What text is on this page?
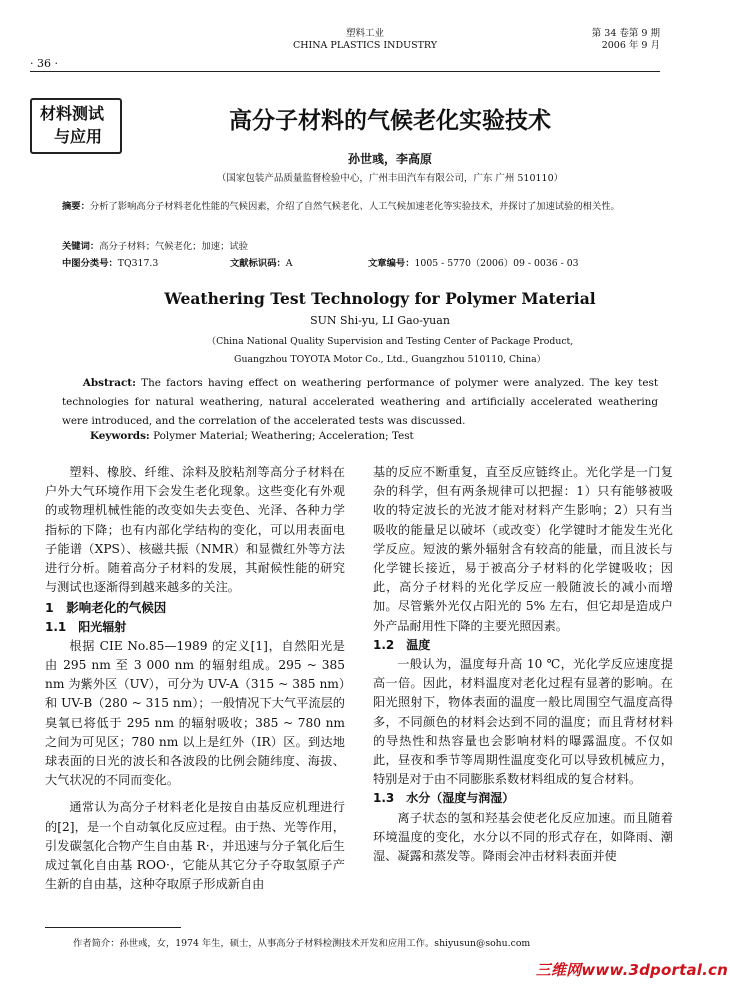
塑料工业
CHINA PLASTICS INDUSTRY
第 34 卷第 9 期
2006 年 9 月
· 36 ·
材料测试
与应用
高分子材料的气候老化实验技术
孙世彧，李高原
（国家包装产品质量监督检验中心，广州丰田汽车有限公司，广东 广州 510110）
摘要：分析了影响高分子材料老化性能的气候因素，介绍了自然气候老化、人工气候加速老化等实验技术，并探讨了加速试验的相关性。
关键词：高分子材料；气候老化；加速；试验
中图分类号：TQ317.3	文献标识码：A	文章编号：1005 - 5770（2006）09 - 0036 - 03
Weathering Test Technology for Polymer Material
SUN Shi-yu, LI Gao-yuan
（China National Quality Supervision and Testing Center of Package Product,
Guangzhou TOYOTA Motor Co., Ltd., Guangzhou 510110, China）
  Abstract: The factors having effect on weathering performance of polymer were analyzed. The key test technologies for natural weathering, natural accelerated weathering and artificially accelerated weathering were introduced, and the correlation of the accelerated tests was discussed.
Keywords: Polymer Material; Weathering; Acceleration; Test

塑料、橡胶、纤维、涂料及胶粘剂等高分子材料在户外大气环境作用下会发生老化现象。这些变化有外观的或物理机械性能的改变如失去变色、光泽、各种力学指标的下降；也有内部化学结构的变化，可以用表面电子能谱（XPS）、核磁共振（NMR）和显微红外等方法进行分析。随着高分子材料的发展，其耐候性能的研究与测试也逐渐得到越来越多的关注。

1　影响老化的气候因

1.1　阳光辐射

根据 CIE No.85—1989 的定义[1]，自然阳光是由 295 nm 至 3 000 nm 的辐射组成。295 ~ 385 nm 为紫外区（UV），可分为 UV-A（315 ~ 385 nm）和 UV-B（280 ~ 315 nm）；一般情况下大气平流层的臭氧已将低于 295 nm 的辐射吸收；385 ~ 780 nm 之间为可见区；780 nm 以上是红外（IR）区。到达地球表面的日光的波长和各波段的比例会随纬度、海拔、大气状况的不同而变化。

通常认为高分子材料老化是按自由基反应机理进行的[2]，是一个自动氧化反应过程。由于热、光等作用，引发碳氢化合物产生自由基 R·，并迅速与分子氧化后生成过氧化自由基 ROO·，它能从其它分子夺取氢原子产生新的自由基，这种夺取原子形成新自由

基的反应不断重复，直至反应链终止。光化学是一门复杂的科学，但有两条规律可以把握：1）只有能够被吸收的特定波长的光波才能对材料产生影响；2）只有当吸收的能量足以破坏（或改变）化学键时才能发生光化学反应。短波的紫外辐射含有较高的能量，而且波长与化学键长接近，易于被高分子材料的化学键吸收；因此，高分子材料的光化学反应一般随波长的减小而增加。尽管紫外光仅占阳光的 5% 左右，但它却是造成户外产品耐用性下降的主要光照因素。

1.2　温度

一般认为，温度每升高 10 ℃，光化学反应速度提高一倍。因此，材料温度对老化过程有显著的影响。在阳光照射下，物体表面的温度一般比周围空气温度高得多，不同颜色的材料会达到不同的温度；而且背材材料的导热性和热容量也会影响材料的曝露温度。不仅如此，昼夜和季节等周期性温度变化可以导致机械应力，特别是对于由不同膨胀系数材料组成的复合材料。

1.3　水分（湿度与润湿）

离子状态的氢和羟基会使老化反应加速。而且随着环境温度的变化，水分以不同的形式存在，如降雨、潮湿、凝露和蒸发等。降雨会冲击材料表面并使

作者简介：孙世彧，女，1974 年生，硕士，从事高分子材料检测技术开发和应用工作。shiyusun@sohu.com
三维网www.3dportal.cn
